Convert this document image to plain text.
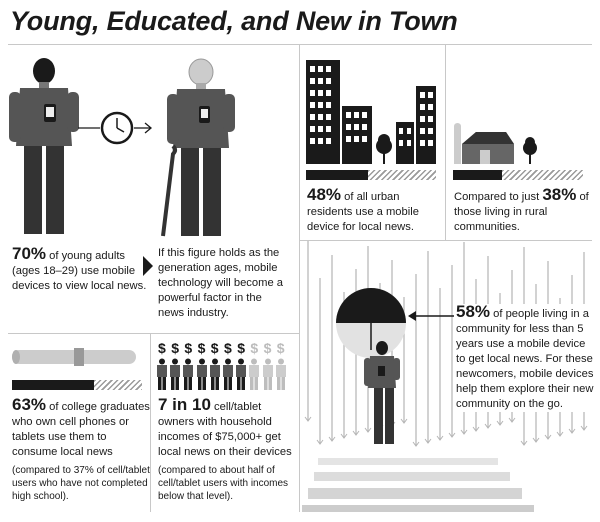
Young, Educated, and New in Town
70% of young adults (ages 18–29) use mobile devices to view local news.
If this figure holds as the generation ages, mobile technology will become a powerful factor in the news industry.
48% of all urban residents use a mobile device for local news.
Compared to just 38% of those living in rural communities.
63% of college graduates who own cell phones or tablets use them to consume local news
(compared to 37% of cell/tablet users who have not completed high school).
$ $ $ $ $ $ $ $ $ $
7 in 10 cell/tablet owners with household incomes of $75,000+ get local news on their devices
(compared to about half of cell/tablet users with incomes below that level).
58% of people living in a community for less than 5 years use a mobile device to get local news. For these newcomers, mobile devices help them explore their new community on the go.
